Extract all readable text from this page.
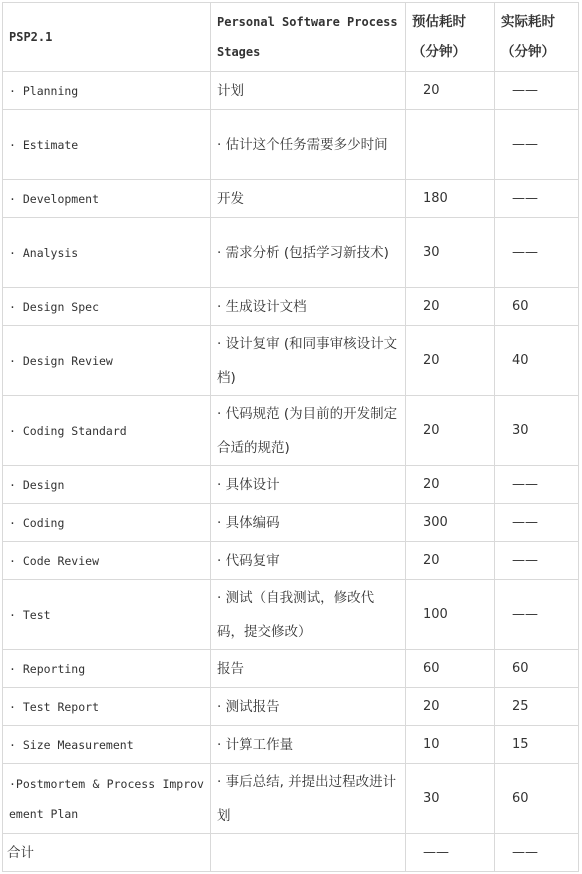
PSP2.1	Personal Software Process Stages	预估耗时（分钟）	实际耗时（分钟）
· Planning	计划	20	——
· Estimate	· 估计这个任务需要多少时间		——
· Development	开发	180	——
· Analysis	· 需求分析 (包括学习新技术)	30	——
· Design Spec	· 生成设计文档	20	60
· Design Review	· 设计复审 (和同事审核设计文档)	20	40
· Coding Standard	· 代码规范 (为目前的开发制定合适的规范)	20	30
· Design	· 具体设计	20	——
· Coding	· 具体编码	300	——
· Code Review	· 代码复审	20	——
· Test	· 测试（自我测试，修改代码，提交修改）	100	——
· Reporting	报告	60	60
· Test Report	· 测试报告	20	25
· Size Measurement	· 计算工作量	10	15
·Postmortem & Process Improvement Plan	· 事后总结, 并提出过程改进计划	30	60
合计		——	——
